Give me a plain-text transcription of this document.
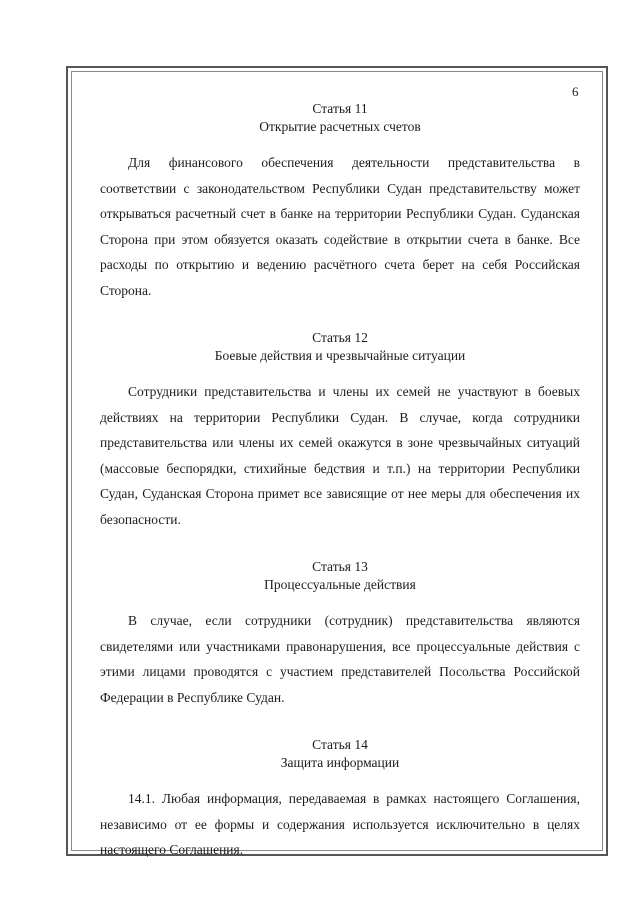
6

Статья 11

Открытие расчетных счетов

Для финансового обеспечения деятельности представительства в соответствии с законодательством Республики Судан представительству может открываться расчетный счет в банке на территории Республики Судан. Суданская Сторона при этом обязуется оказать содействие в открытии счета в банке. Все расходы по открытию и ведению расчётного счета берет на себя Российская Сторона.

Статья 12

Боевые действия и чрезвычайные ситуации

Сотрудники представительства и члены их семей не участвуют в боевых действиях на территории Республики Судан. В случае, когда сотрудники представительства или члены их семей окажутся в зоне чрезвычайных ситуаций (массовые беспорядки, стихийные бедствия и т.п.) на территории Республики Судан, Суданская Сторона примет все зависящие от нее меры для обеспечения их безопасности.

Статья 13

Процессуальные действия

В случае, если сотрудники (сотрудник) представительства являются свидетелями или участниками правонарушения, все процессуальные действия с этими лицами проводятся с участием представителей Посольства Российской Федерации в Республике Судан.

Статья 14

Защита информации

14.1. Любая информация, передаваемая в рамках настоящего Соглашения, независимо от ее формы и содержания используется исключительно в целях настоящего Соглашения.
